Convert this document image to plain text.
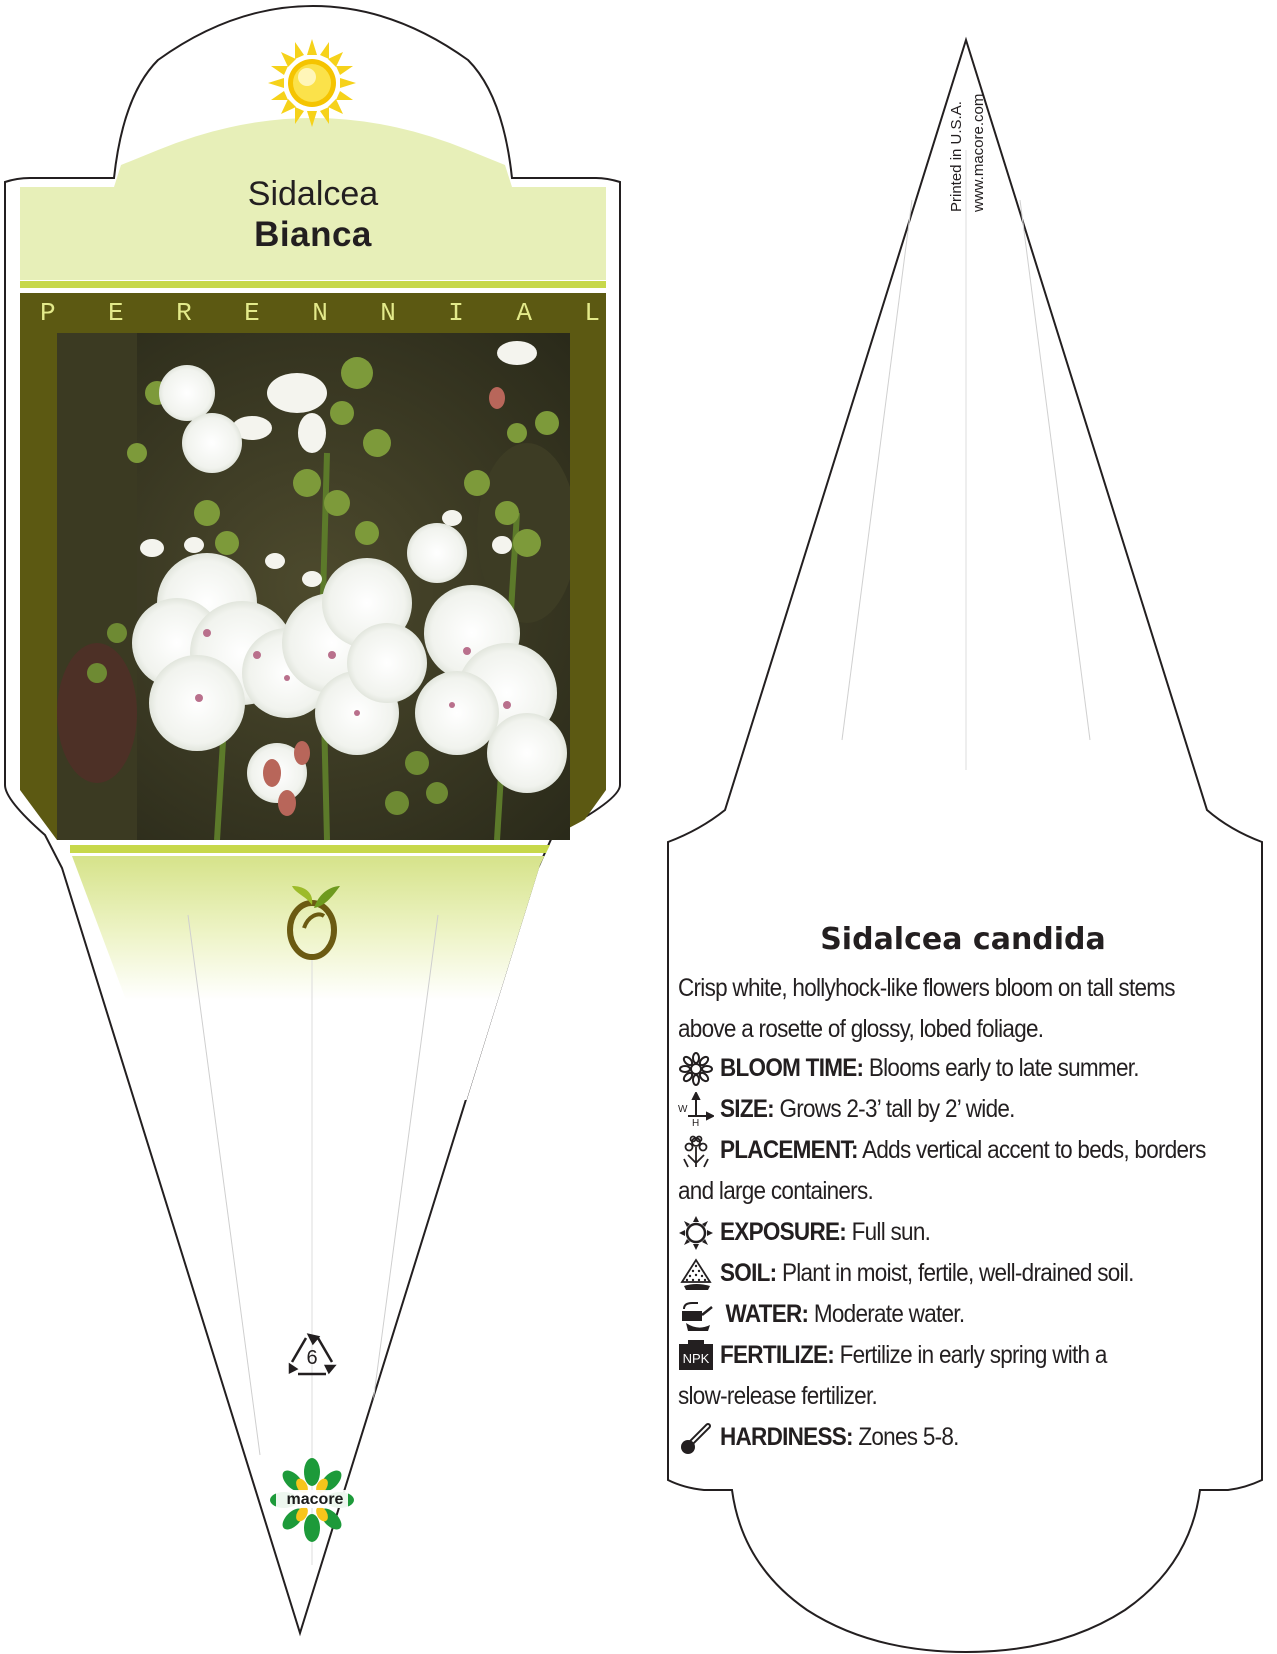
Sidalcea
Bianca
P E R E N N I A L
6
macore
Printed in U.S.A. www.macore.com
Sidalcea candida
Crisp white, hollyhock-like flowers bloom on tall stems
above a rosette of glossy, lobed foliage.
BLOOM TIME: Blooms early to late summer.
W
H SIZE: Grows 2-3’ tall by 2’ wide.
PLACEMENT: Adds vertical accent to beds, borders
and large containers.
EXPOSURE: Full sun.
SOIL: Plant in moist, fertile, well-drained soil.
WATER: Moderate water.
NPK FERTILIZE: Fertilize in early spring with a
slow-release fertilizer.
HARDINESS: Zones 5-8.
